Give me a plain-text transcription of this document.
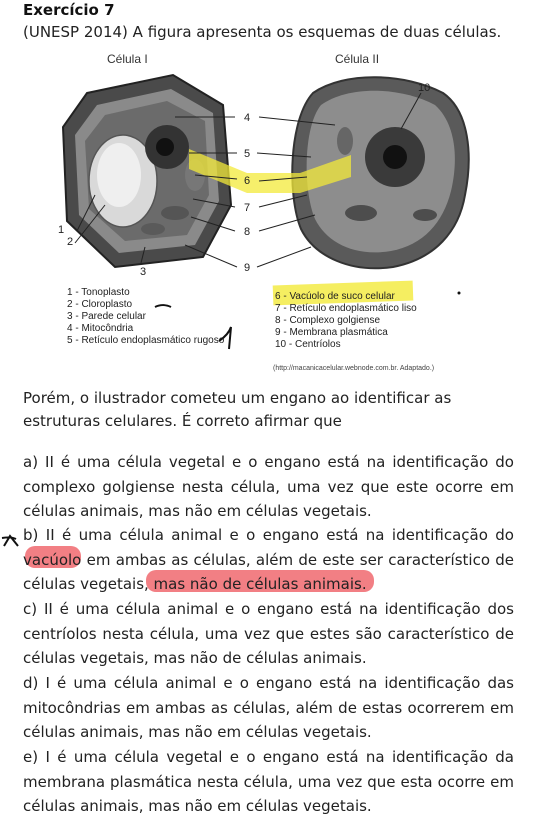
Exercício 7
(UNESP 2014) A figura apresenta os esquemas de duas células.
Célula I	Célula II
1
2
3
4
5
6
7
8
9
10
1 - Tonoplasto
2 - Cloroplasto
3 - Parede celular
4 - Mitocôndria
5 - Retículo endoplasmático rugoso
6 - Vacúolo de suco celular
7 - Retículo endoplasmático liso
8 - Complexo golgiense
9 - Membrana plasmática
10 - Centríolos
(http://macanicacelular.webnode.com.br. Adaptado.)
Porém, o ilustrador cometeu um engano ao identificar as estruturas celulares. É correto afirmar que
a) II é uma célula vegetal e o engano está na identificação do complexo golgiense nesta célula, uma vez que este ocorre em células animais, mas não em células vegetais.
b) II é uma célula animal e o engano está na identificação do vacúolo em ambas as células, além de este ser característico de células vegetais, mas não de células animais.
c) II é uma célula animal e o engano está na identificação dos centríolos nesta célula, uma vez que estes são característico de células vegetais, mas não de células animais.
d) I é uma célula animal e o engano está na identificação das mitocôndrias em ambas as células, além de estas ocorrerem em células animais, mas não em células vegetais.
e) I é uma célula vegetal e o engano está na identificação da membrana plasmática nesta célula, uma vez que esta ocorre em células animais, mas não em células vegetais.
